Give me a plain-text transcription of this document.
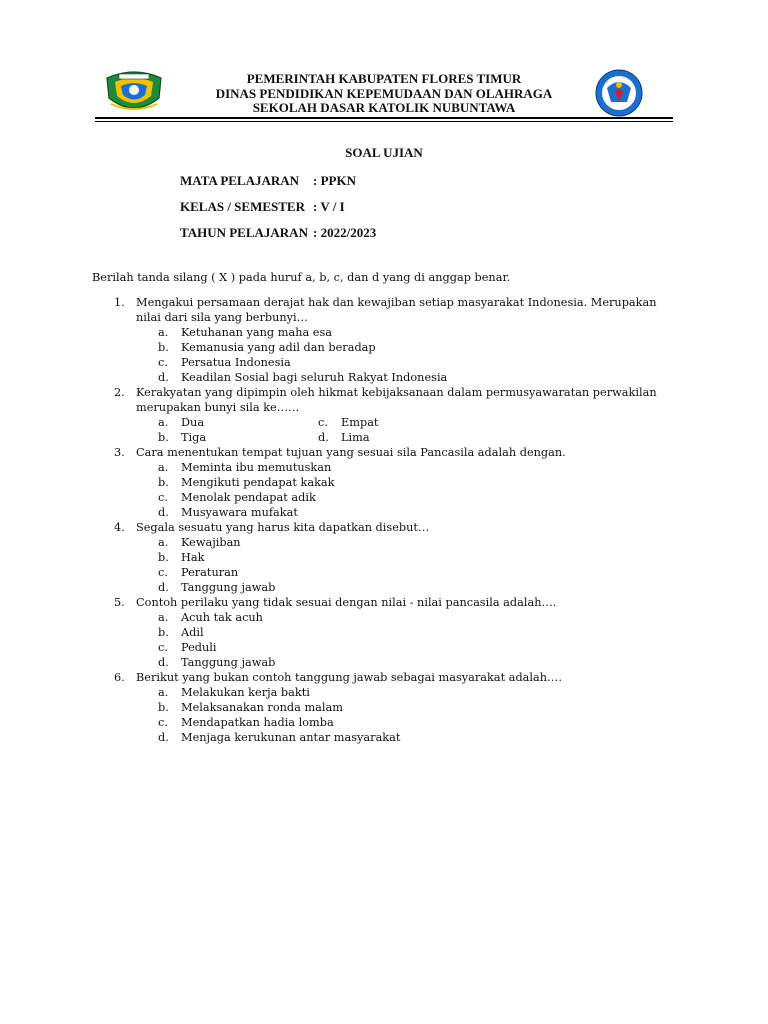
PEMERINTAH KABUPATEN FLORES TIMUR
DINAS PENDIDIKAN KEPEMUDAAN DAN OLAHRAGA
SEKOLAH DASAR KATOLIK NUBUNTAWA
SOAL UJIAN
MATA PELAJARAN	: PPKN
KELAS / SEMESTER : V / I
TAHUN PELAJARAN : 2022/2023
Berilah tanda silang ( X ) pada huruf a, b, c, dan d yang di anggap benar.
1. Mengakui persamaan derajat hak dan kewajiban setiap masyarakat Indonesia. Merupakan nilai dari sila yang berbunyi…
a. Ketuhanan yang maha esa
b. Kemanusia yang adil dan beradap
c. Persatua Indonesia
d. Keadilan Sosial bagi seluruh Rakyat Indonesia
2. Kerakyatan yang dipimpin oleh hikmat kebijaksanaan dalam permusyawaratan perwakilan merupakan bunyi sila ke……
a. Dua	c. Empat
b. Tiga	d. Lima
3. Cara menentukan tempat tujuan yang sesuai sila Pancasila adalah dengan.
a. Meminta ibu memutuskan
b. Mengikuti pendapat kakak
c. Menolak pendapat adik
d. Musyawara mufakat
4. Segala sesuatu yang harus kita dapatkan disebut…
a. Kewajiban
b. Hak
c. Peraturan
d. Tanggung jawab
5. Contoh perilaku yang tidak sesuai dengan nilai - nilai pancasila adalah….
a. Acuh tak acuh
b. Adil
c. Peduli
d. Tanggung jawab
6. Berikut yang bukan contoh tanggung jawab sebagai masyarakat adalah….
a. Melakukan kerja bakti
b. Melaksanakan ronda malam
c. Mendapatkan hadia lomba
d. Menjaga kerukunan antar masyarakat
